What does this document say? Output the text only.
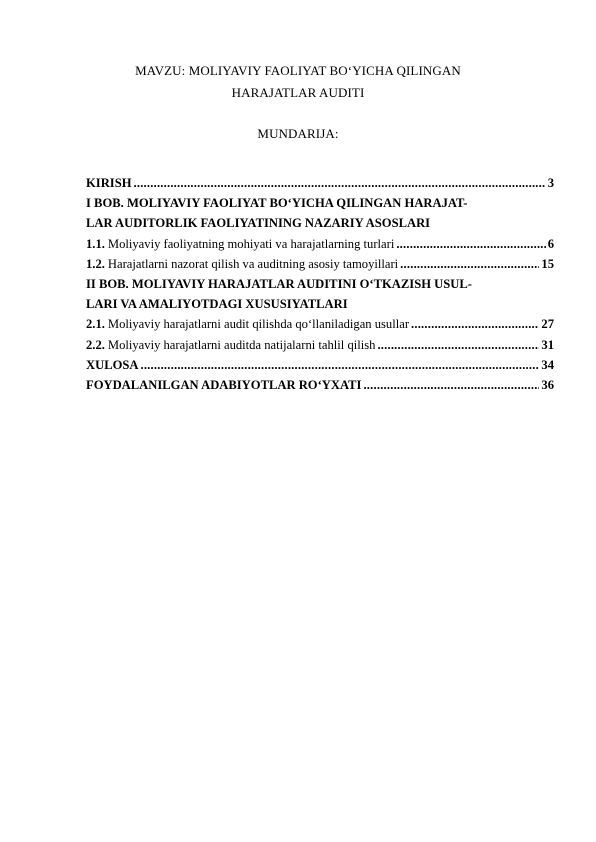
MAVZU: MOLIYAVIY FAOLIYAT BO‘YICHA QILINGAN
HARAJATLAR AUDITI
MUNDARIJA:
KIRISH .....	3
I BOB. MOLIYAVIY FAOLIYAT BO‘YICHA QILINGAN HARAJAT-
LAR AUDITORLIK FAOLIYATINING NAZARIY ASOSLARI
1.1. Moliyaviy faoliyatning mohiyati va harajatlarning turlari .....	6
1.2. Harajatlarni nazorat qilish va auditning asosiy tamoyillari .....	15
II BOB. MOLIYAVIY HARAJATLAR AUDITINI O‘TKAZISH USUL-
LARI VA AMALIYOTDAGI XUSUSIYATLARI
2.1. Moliyaviy harajatlarni audit qilishda qo‘llaniladigan usullar .....	27
2.2. Moliyaviy harajatlarni auditda natijalarni tahlil qilish .....	31
XULOSA .....	34
FOYDALANILGAN ADABIYOTLAR RO‘YXATI .....	36
